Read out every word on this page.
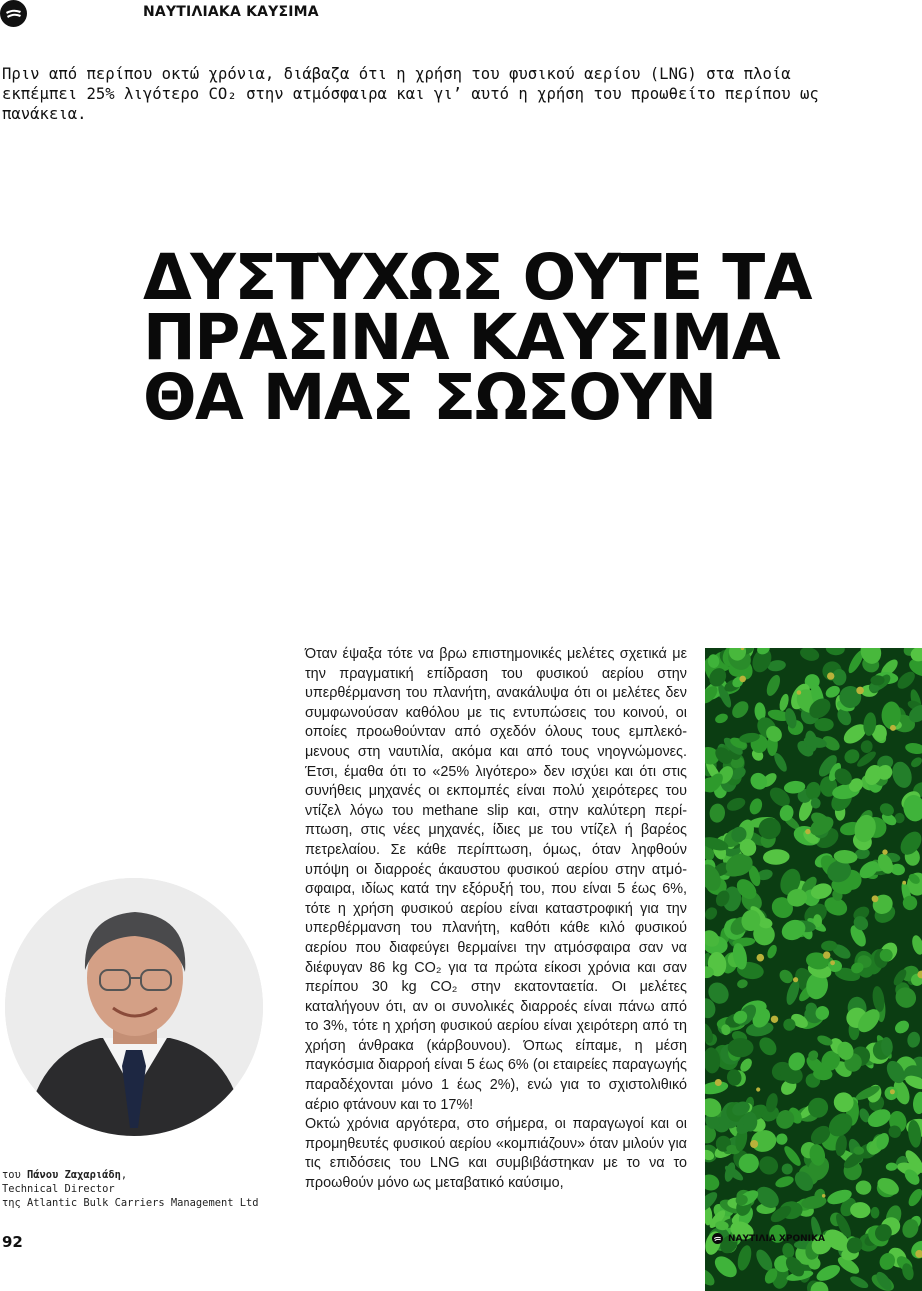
ΝΑΥΤΙΛΙΑΚΑ ΚΑΥΣΙΜΑ

Πριν από περίπου οκτώ χρόνια, διάβαζα ότι η χρήση του φυσικού αερίου (LNG) στα πλοία εκπέμπει 25% λιγότερο CO₂ στην ατμόσφαιρα και γι’ αυτό η χρήση του προωθείτο περίπου ως πανάκεια.

ΔΥΣΤΥΧΩΣ ΟΥΤΕ ΤΑ
ΠΡΑΣΙΝΑ ΚΑΥΣΙΜΑ
ΘΑ ΜΑΣ ΣΩΣΟΥΝ

Όταν έψαξα τότε να βρω επιστημονικές μελέτες σχετικά με την πραγματική επίδραση του φυσικού αερίου στην υπερθέρμανση του πλανήτη, ανακάλυψα ότι οι μελέτες δεν συμφωνούσαν καθόλου με τις εντυπώσεις του κοινού, οι οποίες προωθούνταν από σχεδόν όλους τους εμπλεκόμενους στη ναυτιλία, ακόμα και από τους νηογνώμονες. Έτσι, έμαθα ότι το «25% λιγότερο» δεν ισχύει και ότι στις συνήθεις μηχανές οι εκπομπές είναι πολύ χειρότερες του ντίζελ λόγω του methane slip και, στην καλύτερη περίπτωση, στις νέες μηχανές, ίδιες με του ντίζελ ή βαρέος πετρελαίου. Σε κάθε περίπτωση, όμως, όταν ληφθούν υπόψη οι διαρροές άκαυστου φυσικού αερίου στην ατμόσφαιρα, ιδίως κατά την εξόρυξή του, που είναι 5 έως 6%, τότε η χρήση φυσικού αερίου είναι καταστροφική για την υπερθέρμανση του πλανήτη, καθότι κάθε κιλό φυσικού αερίου που διαφεύγει θερμαίνει την ατμόσφαιρα σαν να διέφυγαν 86 kg CO₂ για τα πρώτα είκοσι χρόνια και σαν περίπου 30 kg CO₂ στην εκατονταετία. Οι μελέτες καταλήγουν ότι, αν οι συνολικές διαρροές είναι πάνω από το 3%, τότε η χρήση φυσικού αερίου είναι χειρότερη από τη χρήση άνθρακα (κάρβουνου). Όπως είπαμε, η μέση παγκόσμια διαρροή είναι 5 έως 6% (οι εταιρείες παραγωγής παραδέχονται μόνο 1 έως 2%), ενώ για το σχιστολιθικό αέριο φτάνουν και το 17%!

Οκτώ χρόνια αργότερα, στο σήμερα, οι παραγωγοί και οι προμηθευτές φυσικού αερίου «κομπιάζουν» όταν μιλούν για τις επιδόσεις του LNG και συμβιβάστηκαν με το να το προωθούν μόνο ως μεταβατικό καύσιμο,

του Πάνου Ζαχαριάδη,
Technical Director
της Atlantic Bulk Carriers Management Ltd
92	ΝΑΥΤΙΛΙΑ ΧΡΟΝΙΚΑ
